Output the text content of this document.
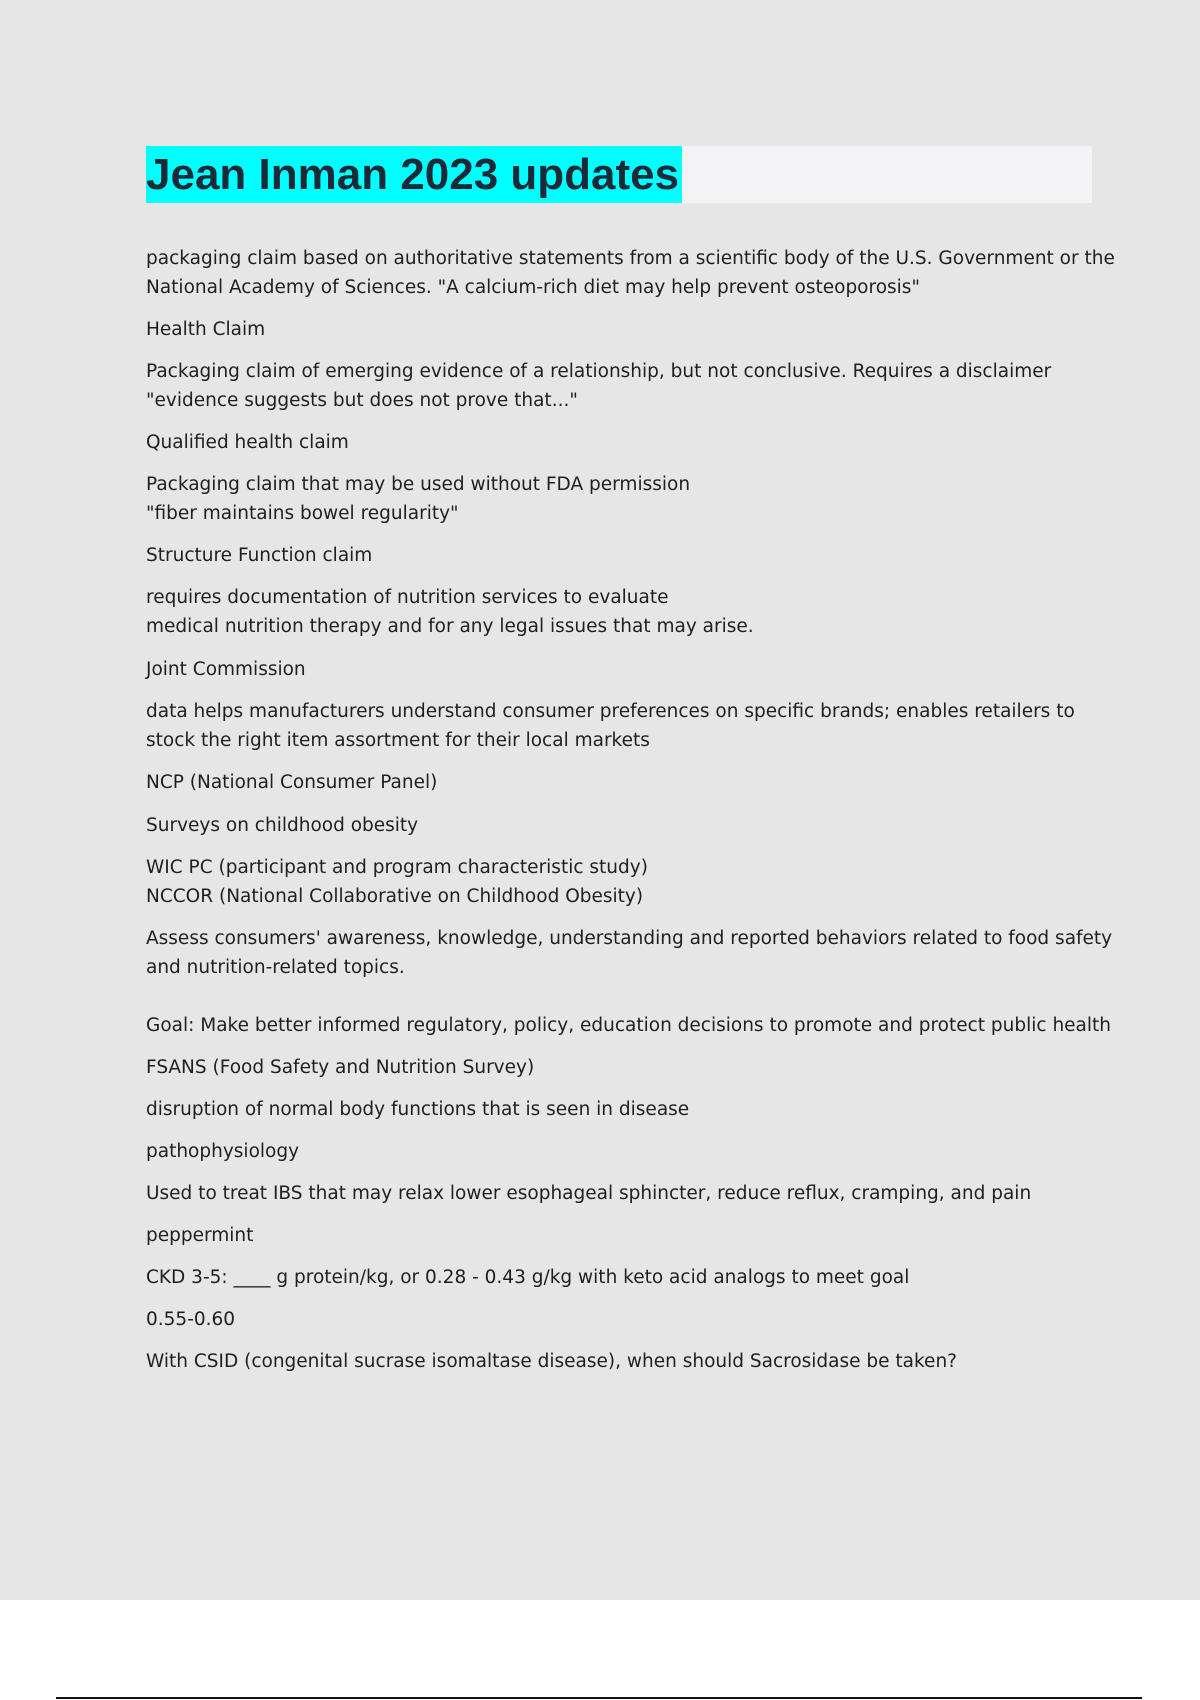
Jean Inman 2023 updates
packaging claim based on authoritative statements from a scientific body of the U.S. Government or the
National Academy of Sciences. "A calcium-rich diet may help prevent osteoporosis"
Health Claim
Packaging claim of emerging evidence of a relationship, but not conclusive. Requires a disclaimer
"evidence suggests but does not prove that..."
Qualified health claim
Packaging claim that may be used without FDA permission
"fiber maintains bowel regularity"
Structure Function claim
requires documentation of nutrition services to evaluate
medical nutrition therapy and for any legal issues that may arise.
Joint Commission
data helps manufacturers understand consumer preferences on specific brands; enables retailers to
stock the right item assortment for their local markets
NCP (National Consumer Panel)
Surveys on childhood obesity
WIC PC (participant and program characteristic study)
NCCOR (National Collaborative on Childhood Obesity)
Assess consumers' awareness, knowledge, understanding and reported behaviors related to food safety
and nutrition-related topics.
Goal: Make better informed regulatory, policy, education decisions to promote and protect public health
FSANS (Food Safety and Nutrition Survey)
disruption of normal body functions that is seen in disease
pathophysiology
Used to treat IBS that may relax lower esophageal sphincter, reduce reflux, cramping, and pain
peppermint
CKD 3-5: ____ g protein/kg, or 0.28 - 0.43 g/kg with keto acid analogs to meet goal
0.55-0.60
With CSID (congenital sucrase isomaltase disease), when should Sacrosidase be taken?
